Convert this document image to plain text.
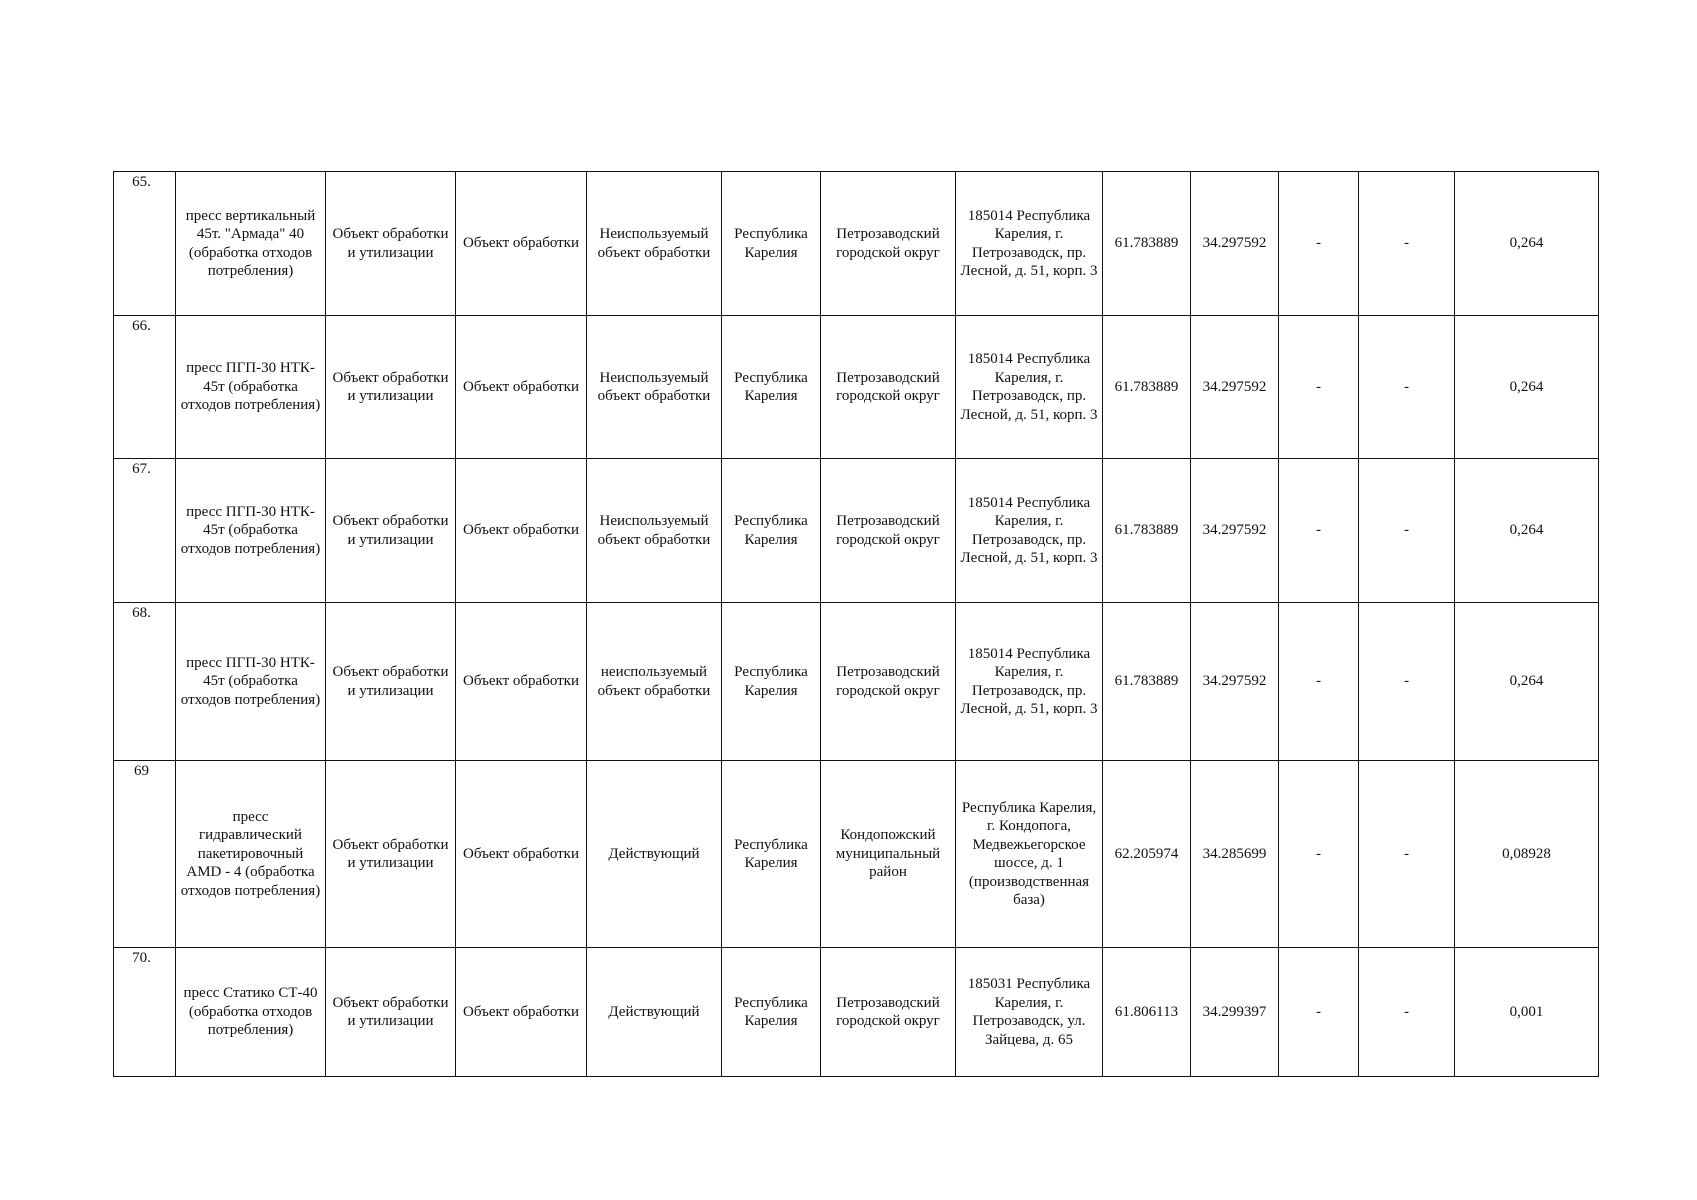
65.	пресс вертикальный 45т. "Армада" 40 (обработка отходов потребления)	Объект обработки и утилизации	Объект обработки	Неиспользуемый объект обработки	Республика Карелия	Петрозаводский городской округ	185014 Республика Карелия, г. Петрозаводск, пр. Лесной, д. 51, корп. 3	61.783889	34.297592	-	-	0,264
66.	пресс ПГП-30 НТК- 45т (обработка отходов потребления)	Объект обработки и утилизации	Объект обработки	Неиспользуемый объект обработки	Республика Карелия	Петрозаводский городской округ	185014 Республика Карелия, г. Петрозаводск, пр. Лесной, д. 51, корп. 3	61.783889	34.297592	-	-	0,264
67.	пресс ПГП-30 НТК- 45т (обработка отходов потребления)	Объект обработки и утилизации	Объект обработки	Неиспользуемый объект обработки	Республика Карелия	Петрозаводский городской округ	185014 Республика Карелия, г. Петрозаводск, пр. Лесной, д. 51, корп. 3	61.783889	34.297592	-	-	0,264
68.	пресс ПГП-30 НТК- 45т (обработка отходов потребления)	Объект обработки и утилизации	Объект обработки	неиспользуемый объект обработки	Республика Карелия	Петрозаводский городской округ	185014 Республика Карелия, г. Петрозаводск, пр. Лесной, д. 51, корп. 3	61.783889	34.297592	-	-	0,264
69	пресс гидравлический пакетировочный AMD - 4 (обработка отходов потребления)	Объект обработки и утилизации	Объект обработки	Действующий	Республика Карелия	Кондопожский муниципальный район	Республика Карелия, г. Кондопога, Медвежьегорское шоссе, д. 1 (производственная база)	62.205974	34.285699	-	-	0,08928
70.	пресс Статико СТ-40 (обработка отходов потребления)	Объект обработки и утилизации	Объект обработки	Действующий	Республика Карелия	Петрозаводский городской округ	185031 Республика Карелия, г. Петрозаводск, ул. Зайцева, д. 65	61.806113	34.299397	-	-	0,001
